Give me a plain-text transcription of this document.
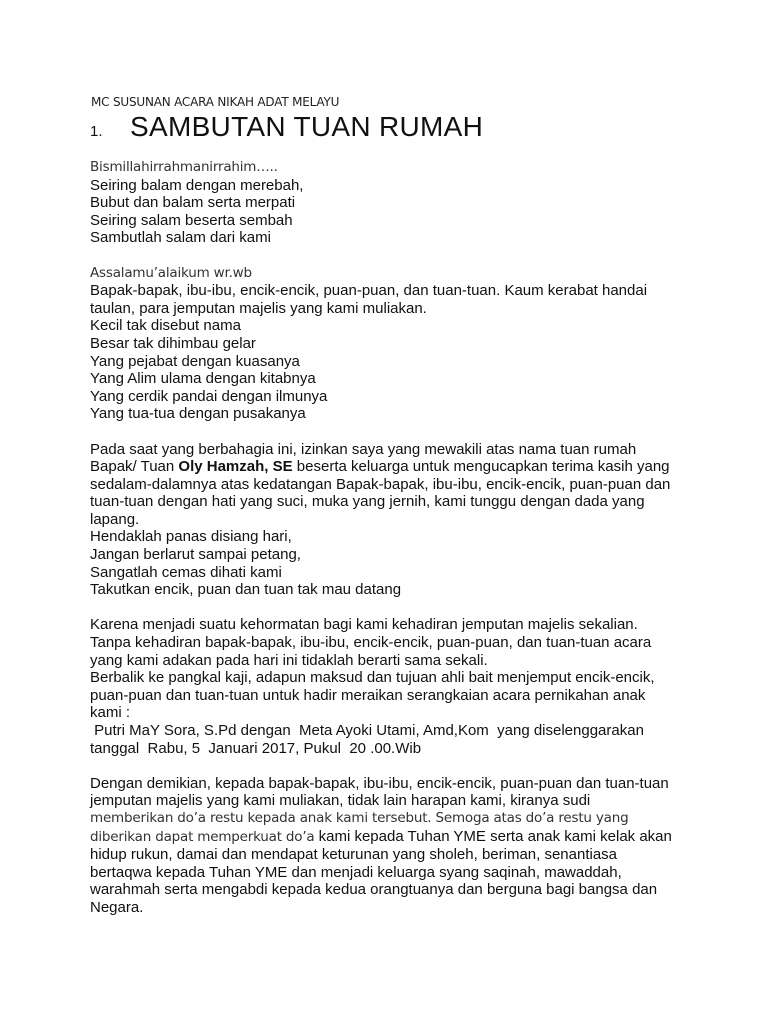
MC SUSUNAN ACARA NIKAH ADAT MELAYU
1. SAMBUTAN TUAN RUMAH
Bismillahirrahmanirrahim…..
Seiring balam dengan merebah,
Bubut dan balam serta merpati
Seiring salam beserta sembah
Sambutlah salam dari kami
Assalamu’alaikum wr.wb
Bapak-bapak, ibu-ibu, encik-encik, puan-puan, dan tuan-tuan. Kaum kerabat handai
taulan, para jemputan majelis yang kami muliakan.
Kecil tak disebut nama
Besar tak dihimbau gelar
Yang pejabat dengan kuasanya
Yang Alim ulama dengan kitabnya
Yang cerdik pandai dengan ilmunya
Yang tua-tua dengan pusakanya
Pada saat yang berbahagia ini, izinkan saya yang mewakili atas nama tuan rumah
Bapak/ Tuan Oly Hamzah, SE beserta keluarga untuk mengucapkan terima kasih yang
sedalam-dalamnya atas kedatangan Bapak-bapak, ibu-ibu, encik-encik, puan-puan dan
tuan-tuan dengan hati yang suci, muka yang jernih, kami tunggu dengan dada yang
lapang.
Hendaklah panas disiang hari,
Jangan berlarut sampai petang,
Sangatlah cemas dihati kami
Takutkan encik, puan dan tuan tak mau datang
Karena menjadi suatu kehormatan bagi kami kehadiran jemputan majelis sekalian.
Tanpa kehadiran bapak-bapak, ibu-ibu, encik-encik, puan-puan, dan tuan-tuan acara
yang kami adakan pada hari ini tidaklah berarti sama sekali.
Berbalik ke pangkal kaji, adapun maksud dan tujuan ahli bait menjemput encik-encik,
puan-puan dan tuan-tuan untuk hadir meraikan serangkaian acara pernikahan anak
kami :
Putri MaY Sora, S.Pd dengan  Meta Ayoki Utami, Amd,Kom  yang diselenggarakan
tanggal  Rabu, 5  Januari 2017, Pukul  20 .00.Wib
Dengan demikian, kepada bapak-bapak, ibu-ibu, encik-encik, puan-puan dan tuan-tuan
jemputan majelis yang kami muliakan, tidak lain harapan kami, kiranya sudi
memberikan do’a restu kepada anak kami tersebut. Semoga atas do’a restu yang
diberikan dapat memperkuat do’a kami kepada Tuhan YME serta anak kami kelak akan
hidup rukun, damai dan mendapat keturunan yang sholeh, beriman, senantiasa
bertaqwa kepada Tuhan YME dan menjadi keluarga syang saqinah, mawaddah,
warahmah serta mengabdi kepada kedua orangtuanya dan berguna bagi bangsa dan
Negara.
